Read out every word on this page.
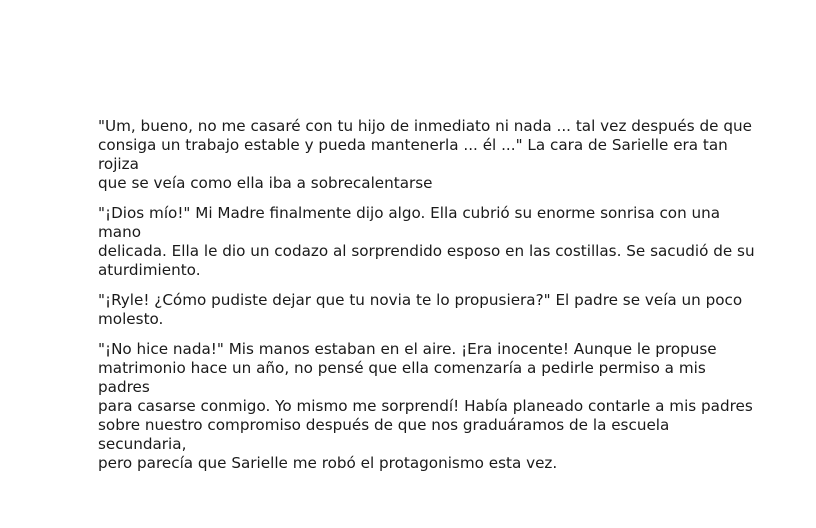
"Um, bueno, no me casaré con tu hijo de inmediato ni nada ... tal vez después de que
consiga un trabajo estable y pueda mantenerla ... él ..." La cara de Sarielle era tan rojiza
que se veía como ella iba a sobrecalentarse

"¡Dios mío!" Mi Madre finalmente dijo algo. Ella cubrió su enorme sonrisa con una mano
delicada. Ella le dio un codazo al sorprendido esposo en las costillas. Se sacudió de su
aturdimiento.

"¡Ryle! ¿Cómo pudiste dejar que tu novia te lo propusiera?" El padre se veía un poco
molesto.

"¡No hice nada!" Mis manos estaban en el aire. ¡Era inocente! Aunque le propuse
matrimonio hace un año, no pensé que ella comenzaría a pedirle permiso a mis padres
para casarse conmigo. Yo mismo me sorprendí! Había planeado contarle a mis padres
sobre nuestro compromiso después de que nos graduáramos de la escuela secundaria,
pero parecía que Sarielle me robó el protagonismo esta vez.
